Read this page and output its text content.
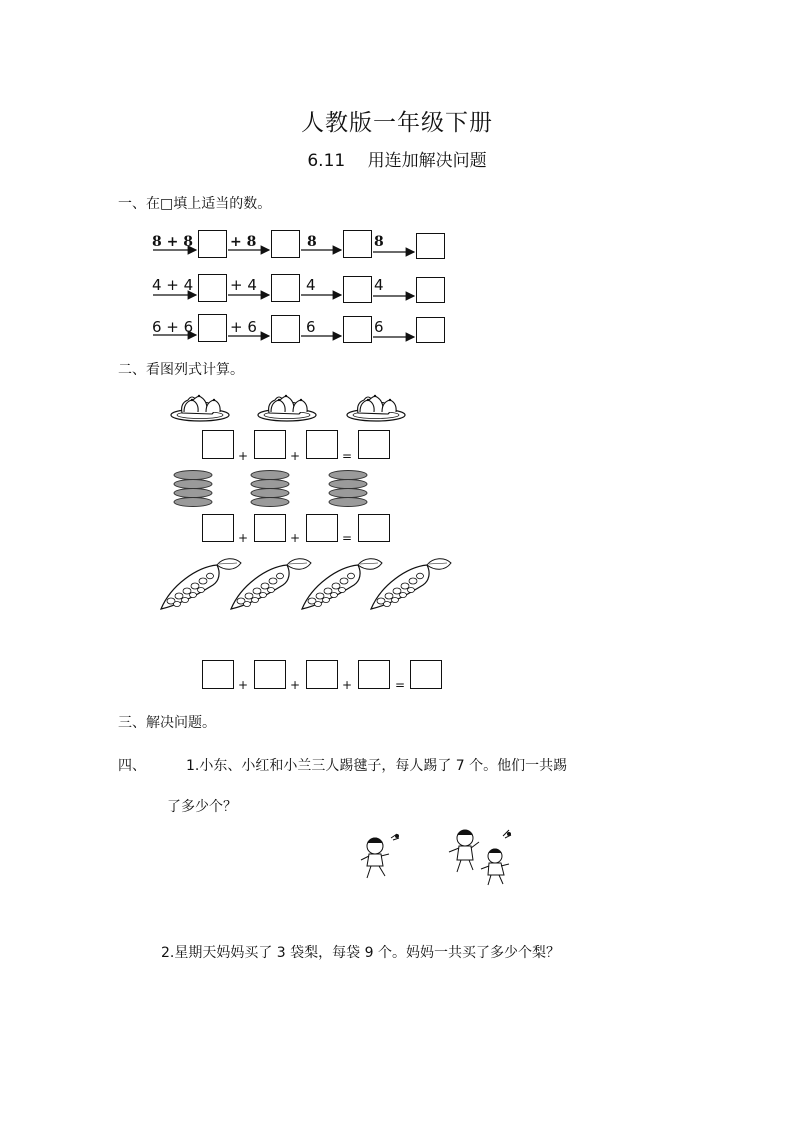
人教版一年级下册
6.11　 用连加解决问题
一、在□填上适当的数。
8 + 8	+ 8	8	8
4 + 4 + 4	4	4
6 + 6 + 6	6	6
二、看图列式计算。
+	+	=
+	+	=
+	+	+	=
三、解决问题。
四、	1.小东、小红和小兰三人踢毽子，每人踢了 7 个。他们一共踢
了多少个？
2.星期天妈妈买了 3 袋梨，每袋 9 个。妈妈一共买了多少个梨？
